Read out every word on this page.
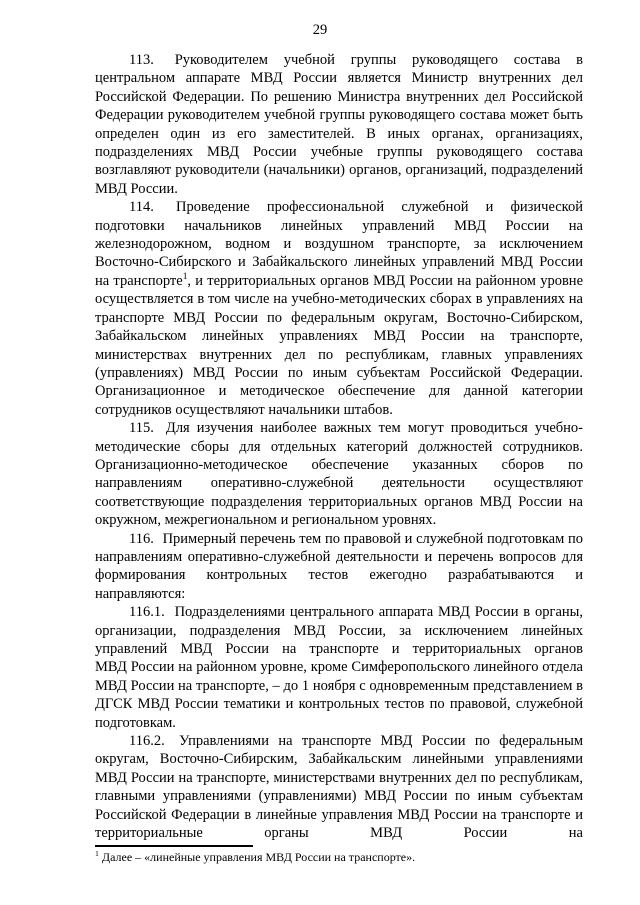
29

113. Руководителем учебной группы руководящего состава в центральном аппарате МВД России является Министр внутренних дел Российской Федерации. По решению Министра внутренних дел Российской Федерации руководителем учебной группы руководящего состава может быть определен один из его заместителей. В иных органах, организациях, подразделениях МВД России учебные группы руководящего состава возглавляют руководители (начальники) органов, организаций, подразделений МВД России.

114. Проведение профессиональной служебной и физической подготовки начальников линейных управлений МВД России на железнодорожном, водном и воздушном транспорте, за исключением Восточно-Сибирского и Забайкальского линейных управлений МВД России на транспорте$^1$, и территориальных органов МВД России на районном уровне осуществляется в том числе на учебно-методических сборах в управлениях на транспорте МВД России по федеральным округам, Восточно-Сибирском, Забайкальском линейных управлениях МВД России на транспорте, министерствах внутренних дел по республикам, главных управлениях (управлениях) МВД России по иным субъектам Российской Федерации. Организационное и методическое обеспечение для данной категории сотрудников осуществляют начальники штабов.

115. Для изучения наиболее важных тем могут проводиться учебно-методические сборы для отдельных категорий должностей сотрудников. Организационно-методическое обеспечение указанных сборов по направлениям оперативно-служебной деятельности осуществляют соответствующие подразделения территориальных органов МВД России на окружном, межрегиональном и региональном уровнях.

116. Примерный перечень тем по правовой и служебной подготовкам по направлениям оперативно-служебной деятельности и перечень вопросов для формирования контрольных тестов ежегодно разрабатываются и направляются:

116.1. Подразделениями центрального аппарата МВД России в органы, организации, подразделения МВД России, за исключением линейных управлений МВД России на транспорте и территориальных органов МВД России на районном уровне, кроме Симферопольского линейного отдела МВД России на транспорте, – до 1 ноября с одновременным представлением в ДГСК МВД России тематики и контрольных тестов по правовой, служебной подготовкам.

116.2. Управлениями на транспорте МВД России по федеральным округам, Восточно-Сибирским, Забайкальским линейными управлениями МВД России на транспорте, министерствами внутренних дел по республикам, главными управлениями (управлениями) МВД России по иным субъектам Российской Федерации в линейные управления МВД России на транспорте и территориальные органы МВД России на

$^1$ Далее – «линейные управления МВД России на транспорте».
